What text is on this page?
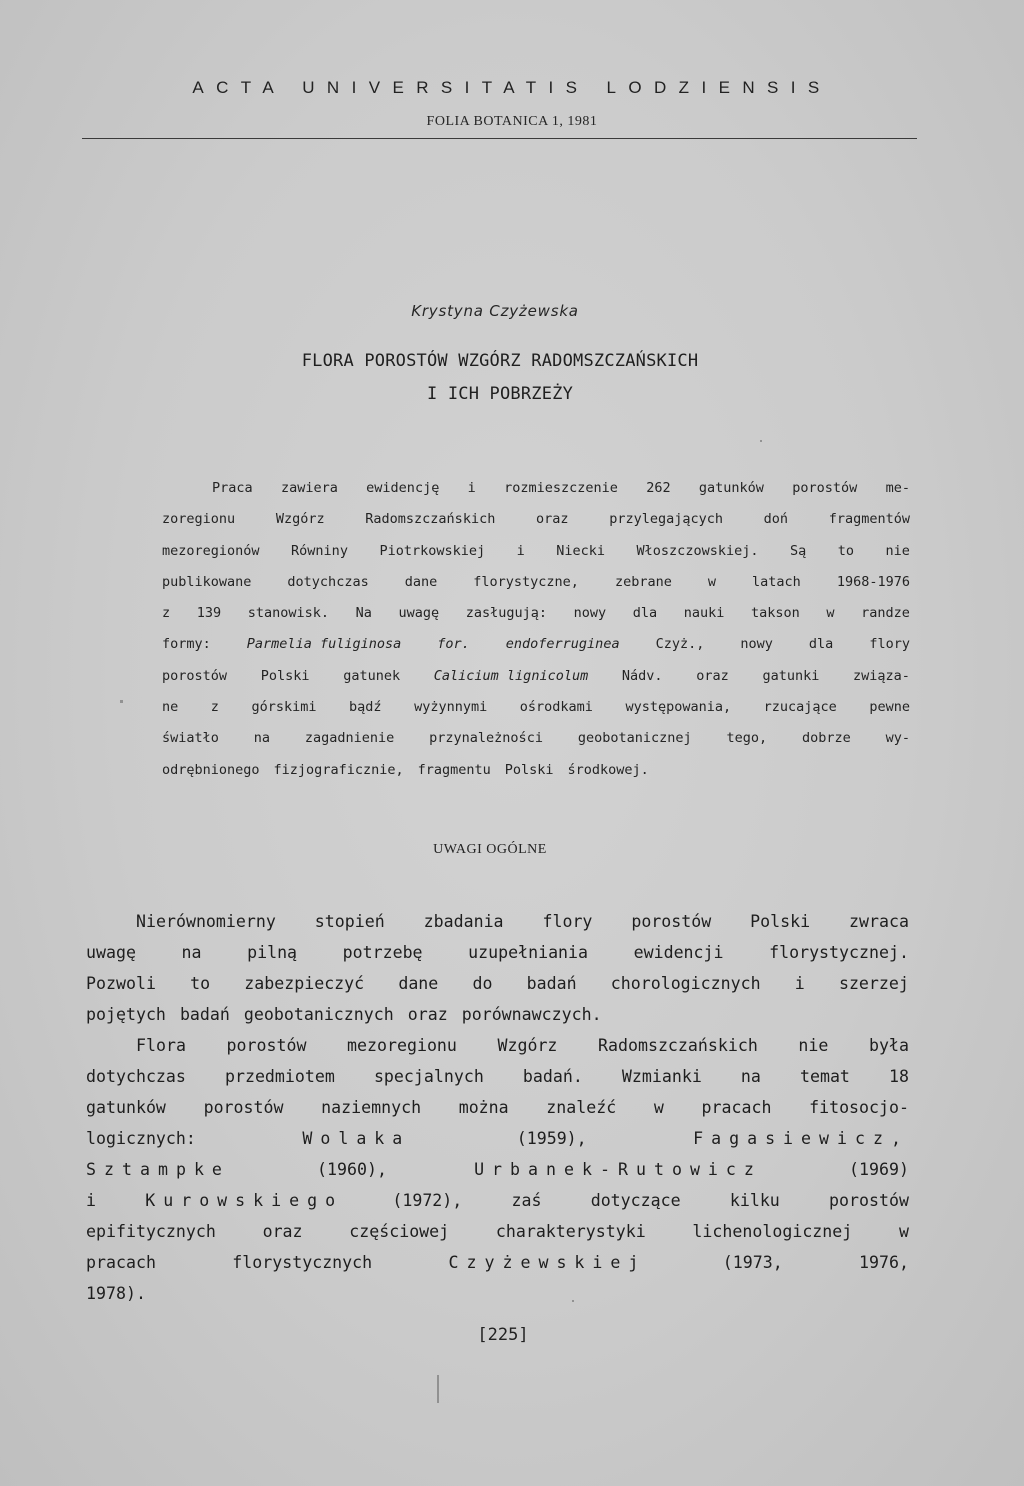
ACTA UNIVERSITATIS LODZIENSIS
FOLIA BOTANICA 1, 1981
Krystyna Czyżewska
FLORA POROSTÓW WZGÓRZ RADOMSZCZAŃSKICH
I ICH POBRZEŻY
Praca zawiera ewidencję i rozmieszczenie 262 gatunków porostów me-
zoregionu	Wzgórz	Radomszczańskich	oraz	przylegających	doń	fragmentów
mezoregionów Równiny Piotrkowskiej i Niecki Włoszczowskiej. Są to nie
publikowane	dotychczas	dane	florystyczne,	zebrane	w	latach	1968-1976
z 139 stanowisk. Na uwagę zasługują: nowy dla nauki takson w randze
formy:	Parmelia fuliginosa	for.	endoferruginea	Czyż.,	nowy	dla	flory
porostów Polski gatunek Calicium lignicolum Nádv. oraz gatunki związa-
ne z górskimi bądź wyżynnymi ośrodkami występowania, rzucające pewne
światło	na	zagadnienie	przynależności	geobotanicznej	tego,	dobrze	wy-
odrębnionego fizjograficznie, fragmentu Polski środkowej.
UWAGI OGÓLNE
Nierównomierny stopień zbadania flory porostów Polski zwraca
uwagę	na	pilną	potrzebę	uzupełniania	ewidencji	florystycznej.
Pozwoli to zabezpieczyć dane do badań chorologicznych i szerzej
pojętych badań geobotanicznych oraz porównawczych.
Flora porostów mezoregionu Wzgórz Radomszczańskich nie była
dotychczas przedmiotem specjalnych badań. Wzmianki na temat 18
gatunków porostów naziemnych można znaleźć w pracach fitosocjo-
logicznych:	Wolaka	(1959),	Fagasiewicz,
Sztampke	(1960),	Urbanek-Rutowicz	(1969)
i	Kurowskiego	(1972),	zaś	dotyczące	kilku	porostów
epifitycznych	oraz	częściowej	charakterystyki	lichenologicznej	w
pracach	florystycznych	Czyżewskiej	(1973,	1976,
1978).
[225]
